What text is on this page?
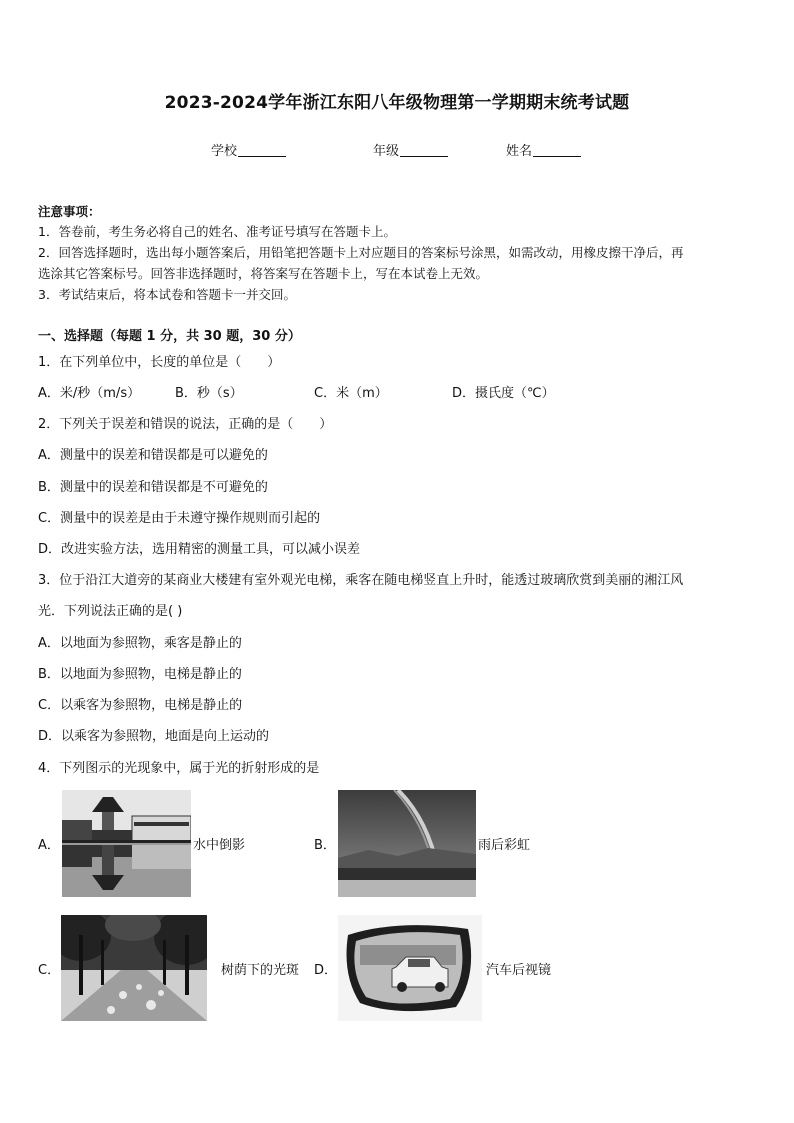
2023-2024学年浙江东阳八年级物理第一学期期末统考试题
学校	年级	姓名
注意事项：
1．答卷前，考生务必将自己的姓名、准考证号填写在答题卡上。
2．回答选择题时，选出每小题答案后，用铅笔把答题卡上对应题目的答案标号涂黑，如需改动，用橡皮擦干净后，再
选涂其它答案标号。回答非选择题时，将答案写在答题卡上，写在本试卷上无效。
3．考试结束后，将本试卷和答题卡一并交回。
一、选择题（每题 1 分，共 30 题，30 分）
1．在下列单位中，长度的单位是（　　）
A．米/秒（m/s）	B．秒（s）	C．米（m）	D．摄氏度（℃）
2．下列关于误差和错误的说法，正确的是（　　）
A．测量中的误差和错误都是可以避免的
B．测量中的误差和错误都是不可避免的
C．测量中的误差是由于未遵守操作规则而引起的
D．改进实验方法，选用精密的测量工具，可以减小误差
3．位于沿江大道旁的某商业大楼建有室外观光电梯，乘客在随电梯竖直上升时，能透过玻璃欣赏到美丽的湘江风
光．下列说法正确的是( )
A．以地面为参照物，乘客是静止的
B．以地面为参照物，电梯是静止的
C．以乘客为参照物，电梯是静止的
D．以乘客为参照物，地面是向上运动的
4．下列图示的光现象中，属于光的折射形成的是
A．	水中倒影	B．	雨后彩虹
C．	树荫下的光斑 D．	汽车后视镜
